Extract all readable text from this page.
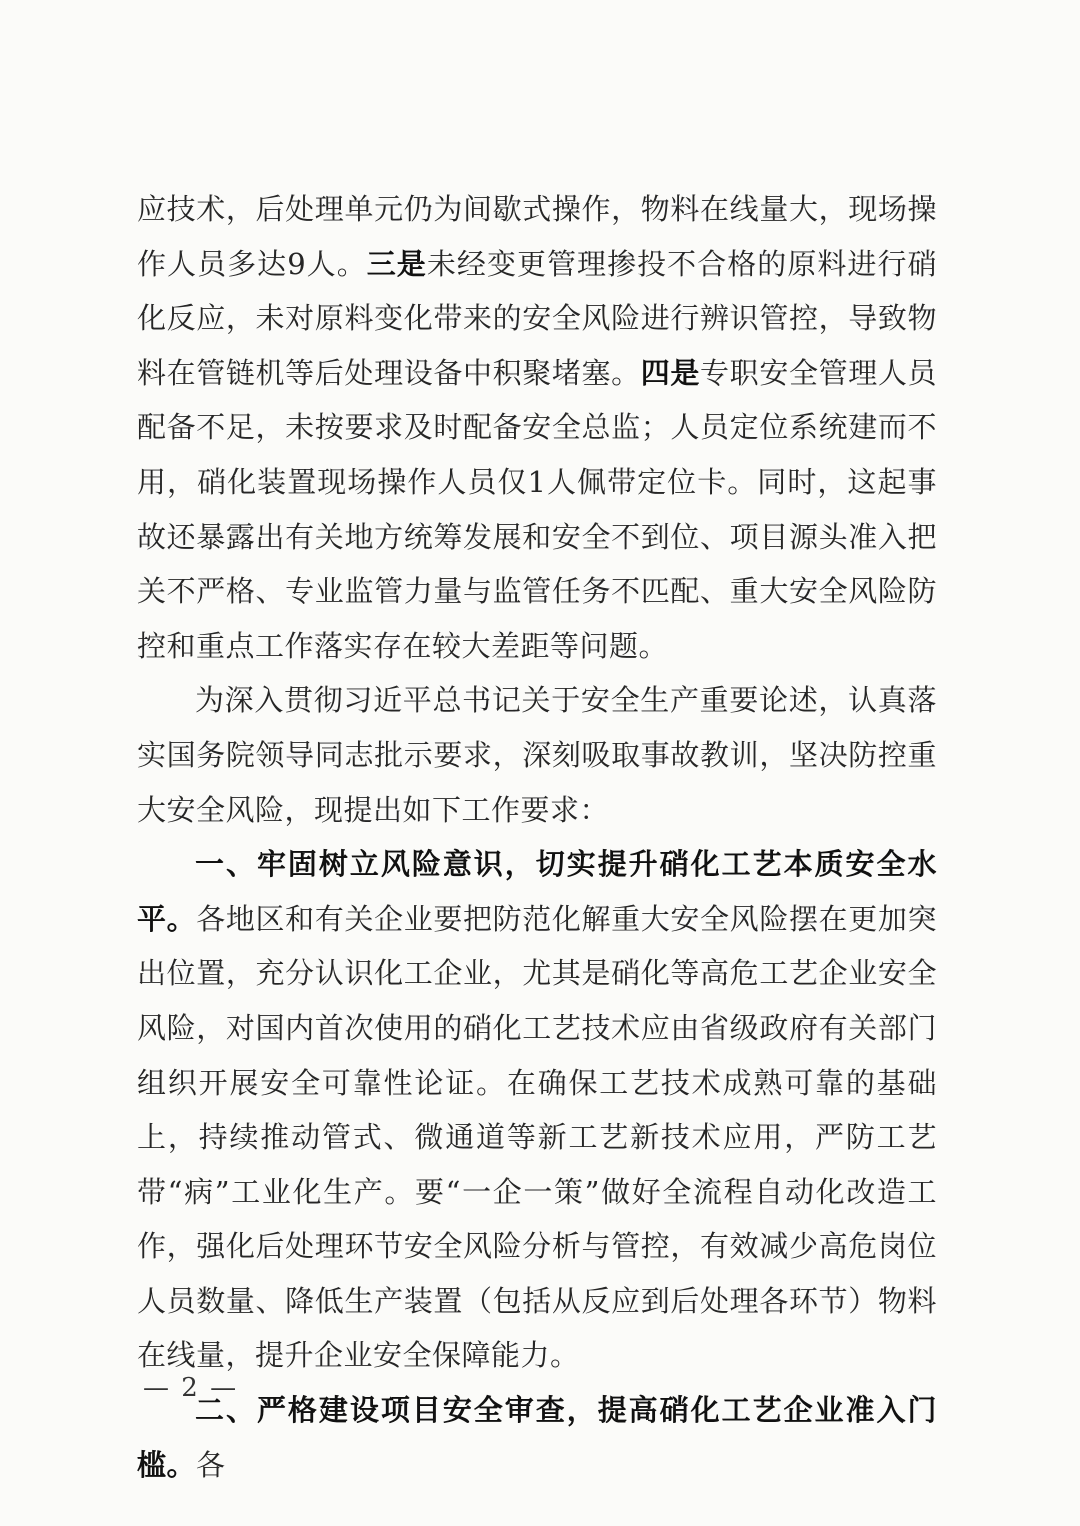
应技术，后处理单元仍为间歇式操作，物料在线量大，现场操作人员多达9人。三是未经变更管理掺投不合格的原料进行硝化反应，未对原料变化带来的安全风险进行辨识管控，导致物料在管链机等后处理设备中积聚堵塞。四是专职安全管理人员配备不足，未按要求及时配备安全总监；人员定位系统建而不用，硝化装置现场操作人员仅1人佩带定位卡。同时，这起事故还暴露出有关地方统筹发展和安全不到位、项目源头准入把关不严格、专业监管力量与监管任务不匹配、重大安全风险防控和重点工作落实存在较大差距等问题。

为深入贯彻习近平总书记关于安全生产重要论述，认真落实国务院领导同志批示要求，深刻吸取事故教训，坚决防控重大安全风险，现提出如下工作要求：

一、牢固树立风险意识，切实提升硝化工艺本质安全水平。各地区和有关企业要把防范化解重大安全风险摆在更加突出位置，充分认识化工企业，尤其是硝化等高危工艺企业安全风险，对国内首次使用的硝化工艺技术应由省级政府有关部门组织开展安全可靠性论证。在确保工艺技术成熟可靠的基础上，持续推动管式、微通道等新工艺新技术应用，严防工艺带“病”工业化生产。要“一企一策”做好全流程自动化改造工作，强化后处理环节安全风险分析与管控，有效减少高危岗位人员数量、降低生产装置（包括从反应到后处理各环节）物料在线量，提升企业安全保障能力。

二、严格建设项目安全审查，提高硝化工艺企业准入门槛。各

— 2 —
